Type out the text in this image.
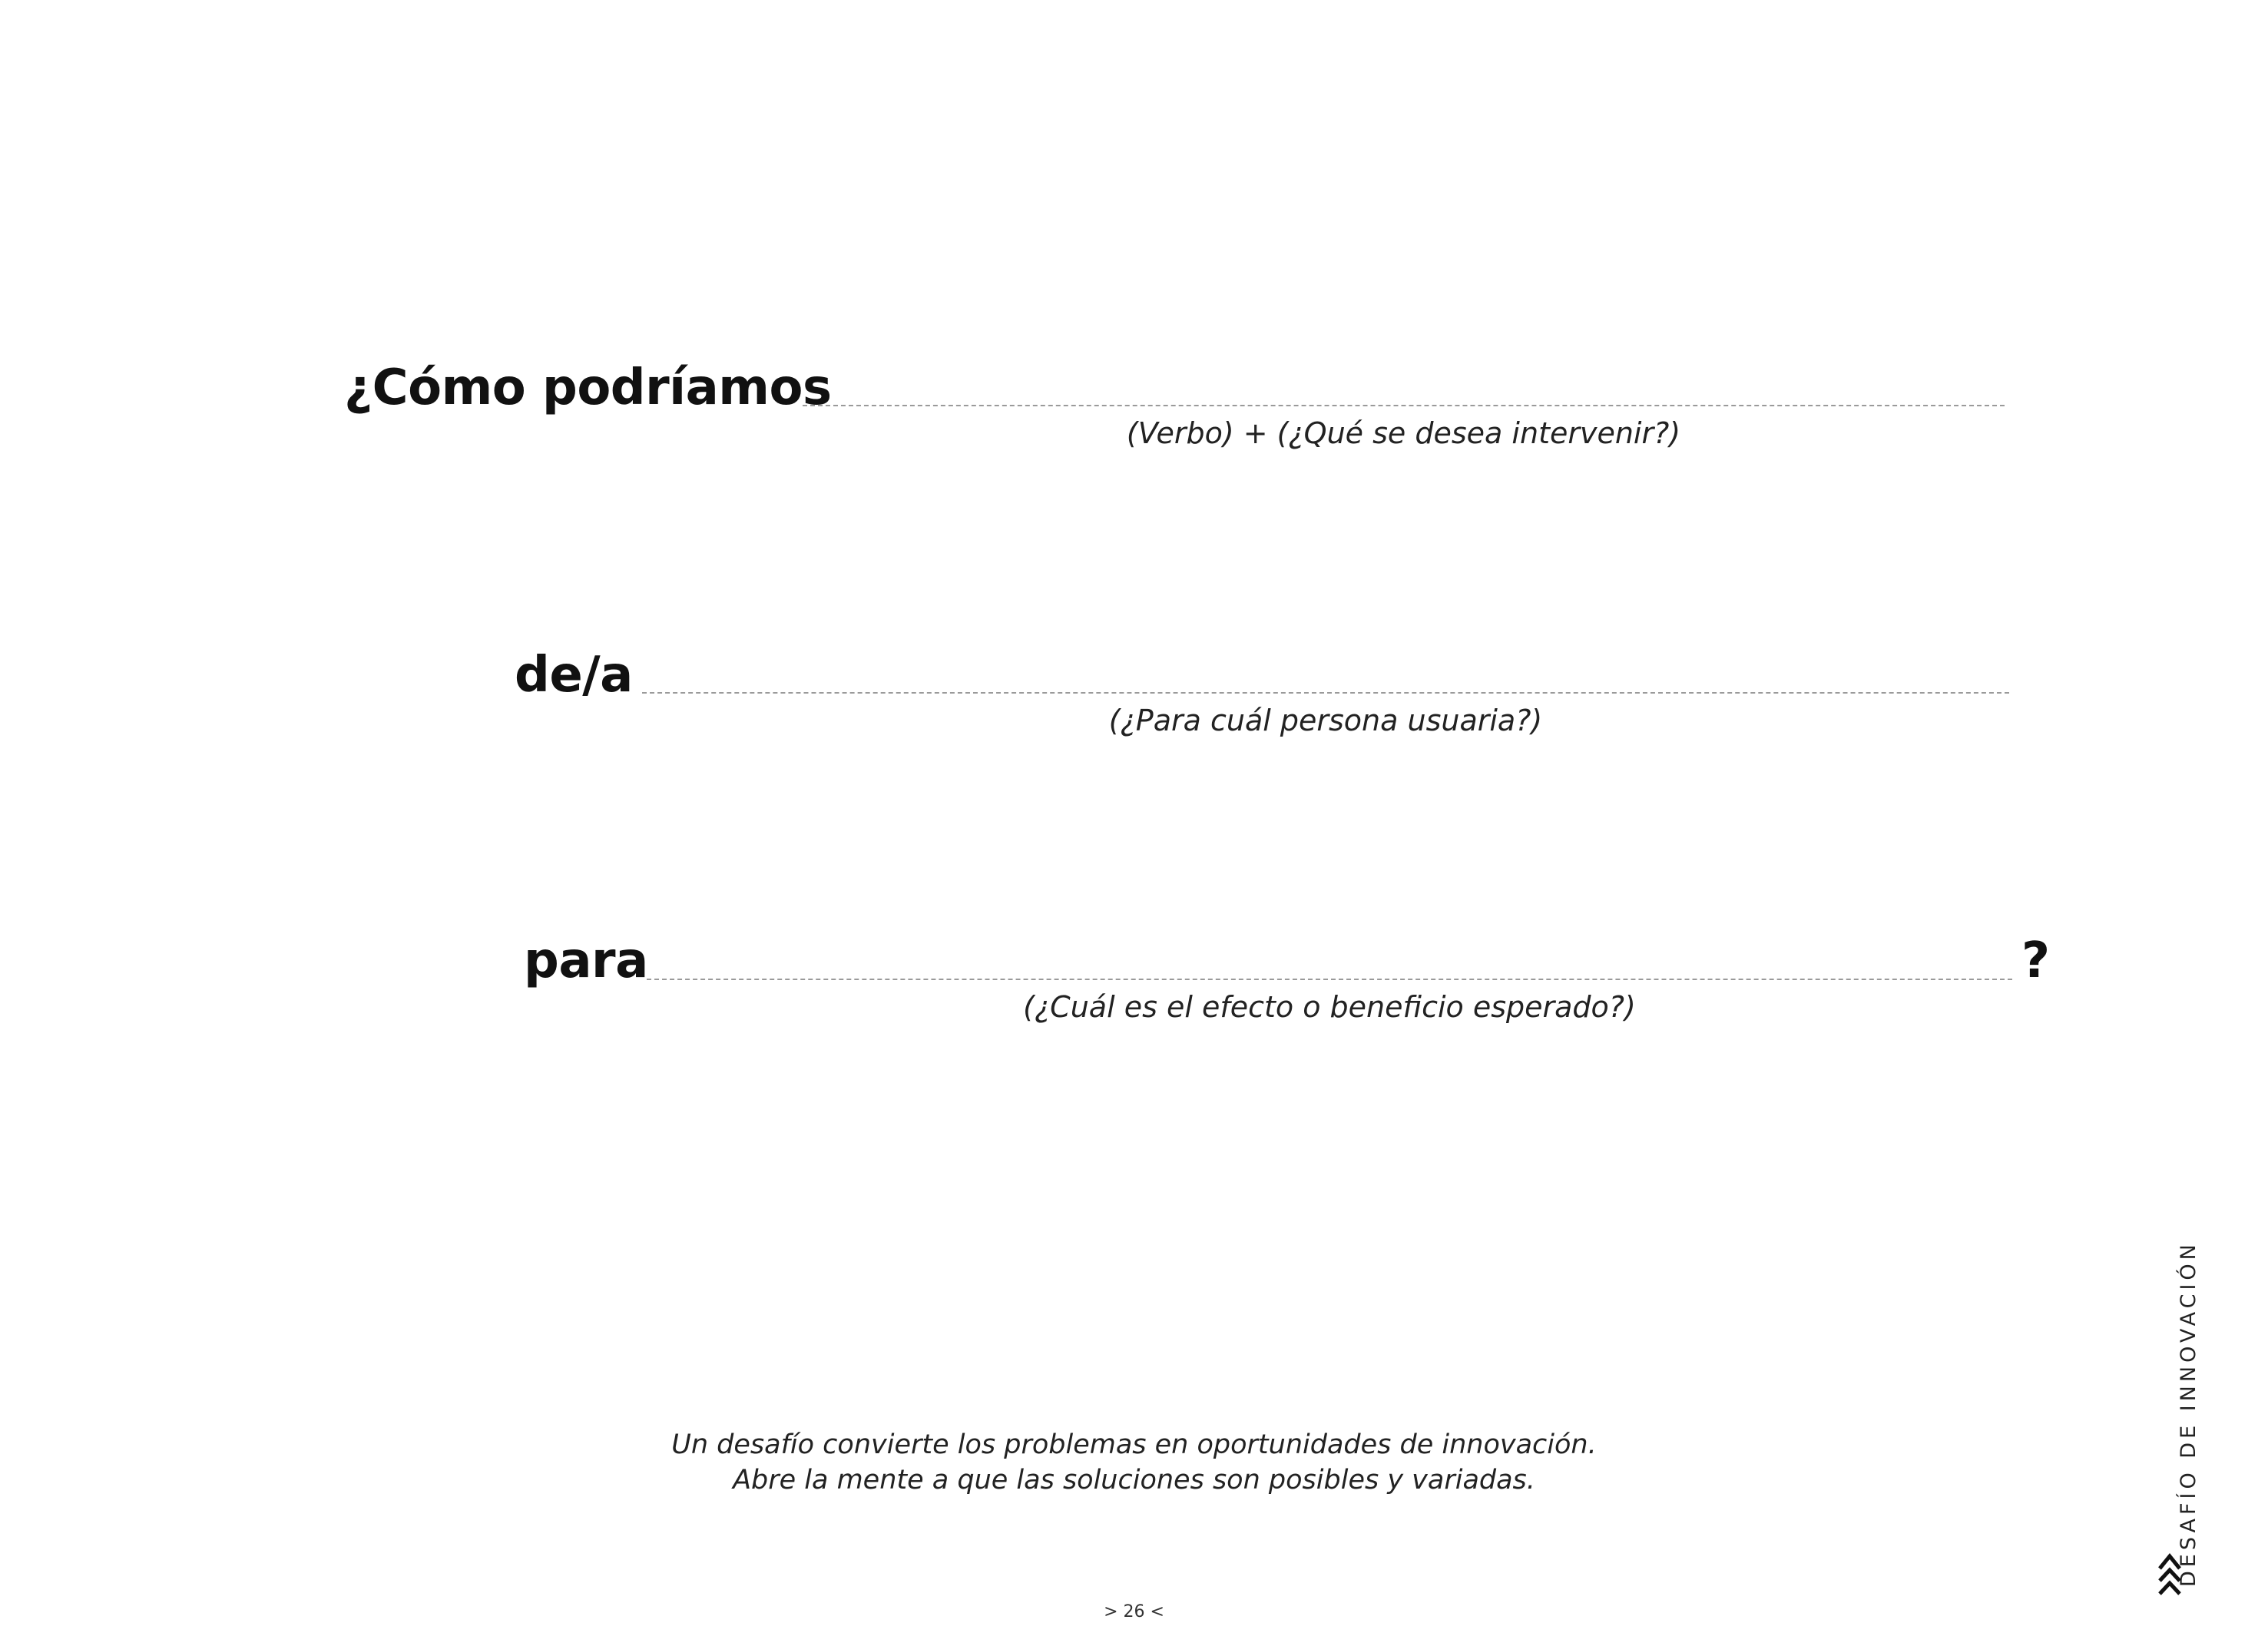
¿Cómo podríamos
(Verbo) + (¿Qué se desea intervenir?)
de/a
(¿Para cuál persona usuaria?)
para
(¿Cuál es el efecto o beneficio esperado?)
?
Un desafío convierte los problemas en oportunidades de innovación.
Abre la mente a que las soluciones son posibles y variadas.
> 26 <
DESAFÍO DE INNOVACIÓN
